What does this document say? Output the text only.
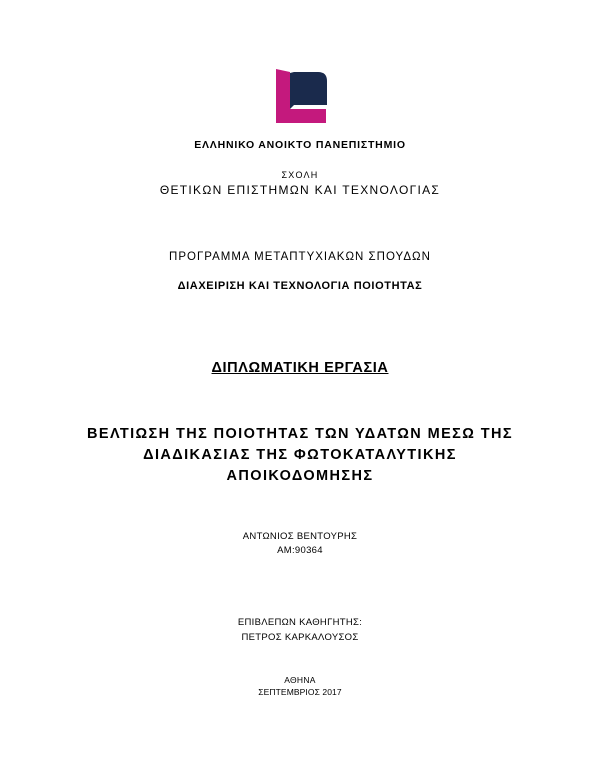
ΕΛΛΗΝΙΚΟ ΑΝΟΙΚΤΟ ΠΑΝΕΠΙΣΤΗΜΙΟ
ΣΧΟΛΗ
ΘΕΤΙΚΩΝ ΕΠΙΣΤΗΜΩΝ ΚΑΙ ΤΕΧΝΟΛΟΓΙΑΣ
ΠΡΟΓΡΑΜΜΑ ΜΕΤΑΠΤΥΧΙΑΚΩΝ ΣΠΟΥΔΩΝ
ΔΙΑΧΕΙΡΙΣΗ ΚΑΙ ΤΕΧΝΟΛΟΓΙΑ ΠΟΙΟΤΗΤΑΣ
ΔΙΠΛΩΜΑΤΙΚΗ ΕΡΓΑΣΙΑ
ΒΕΛΤΙΩΣΗ ΤΗΣ ΠΟΙΟΤΗΤΑΣ ΤΩΝ ΥΔΑΤΩΝ ΜΕΣΩ ΤΗΣ
ΔΙΑΔΙΚΑΣΙΑΣ ΤΗΣ ΦΩΤΟΚΑΤΑΛΥΤΙΚΗΣ
ΑΠΟΙΚΟΔΟΜΗΣΗΣ
ΑΝΤΩΝΙΟΣ ΒΕΝΤΟΥΡΗΣ
ΑΜ:90364
ΕΠΙΒΛΕΠΩΝ ΚΑΘΗΓΗΤΗΣ:
ΠΕΤΡΟΣ ΚΑΡΚΑΛΟΥΣΟΣ
ΑΘΗΝΑ
ΣΕΠΤΕΜΒΡΙΟΣ 2017
